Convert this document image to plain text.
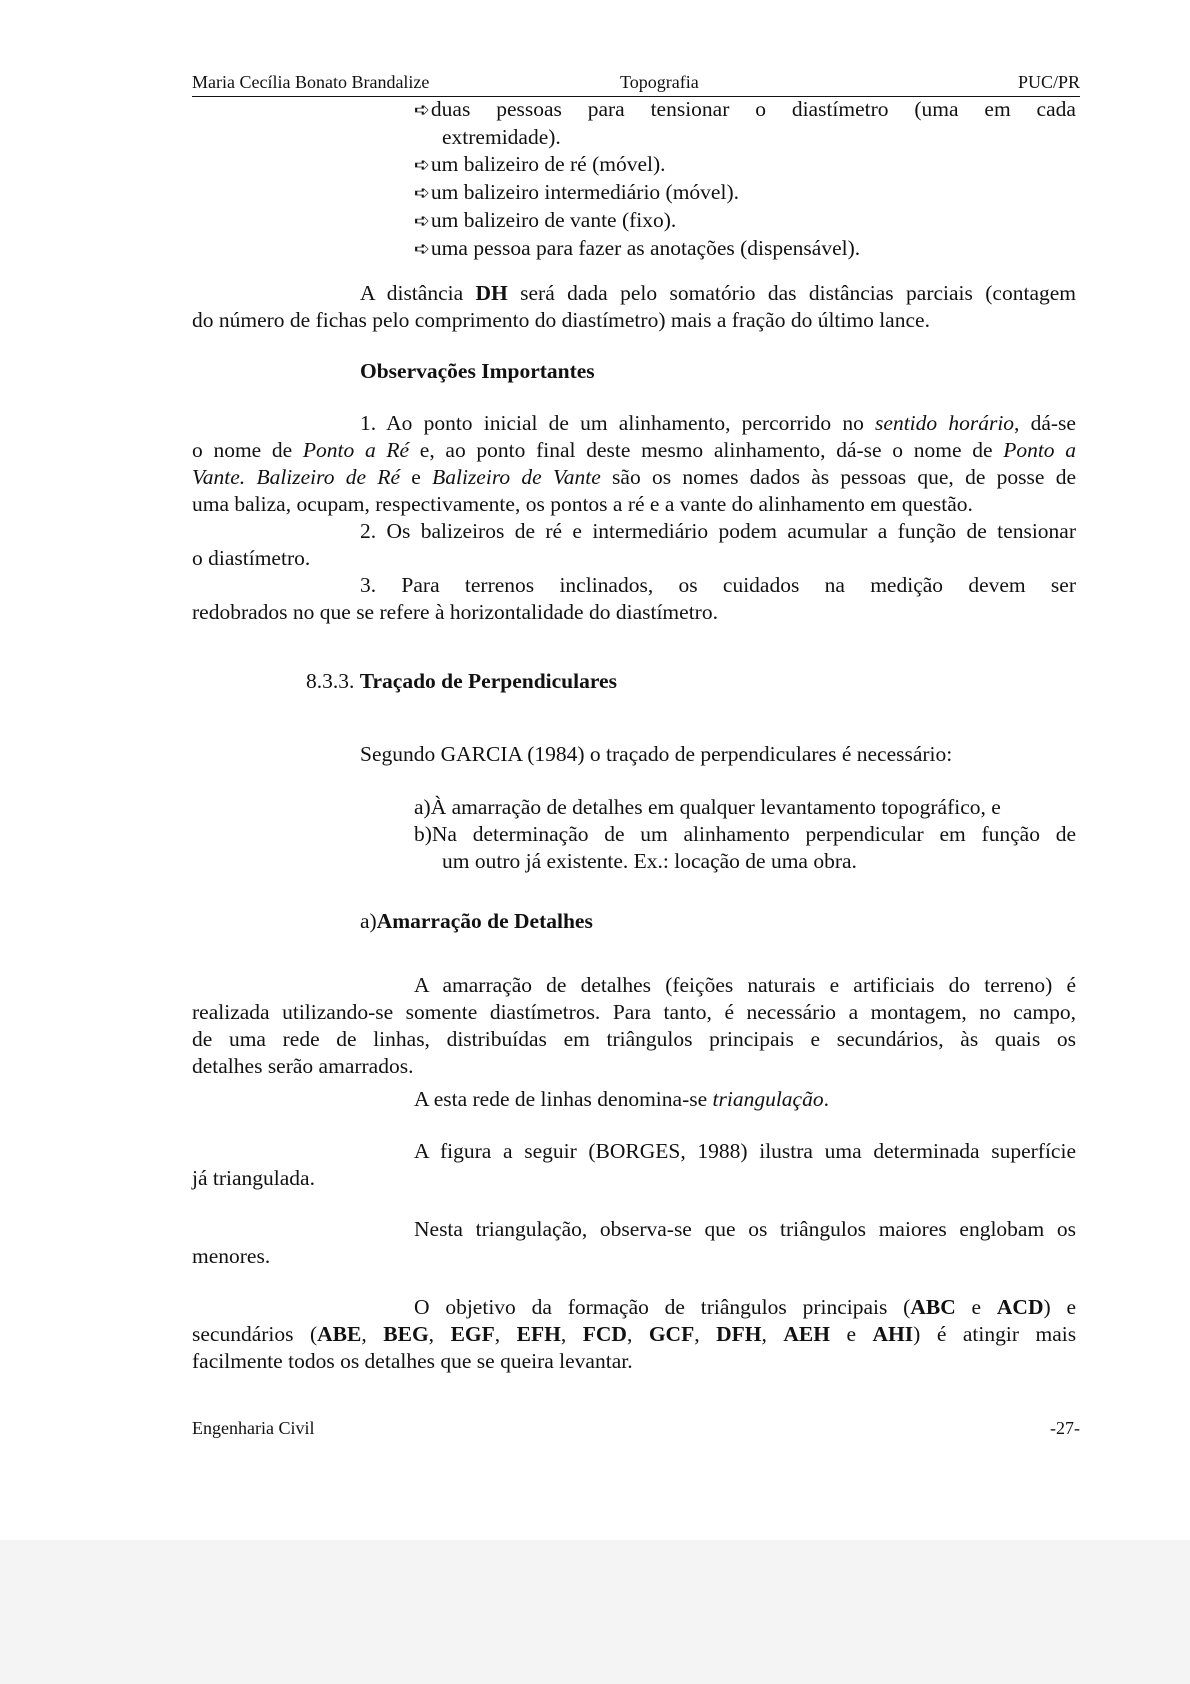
Maria Cecília Bonato Brandalize	Topografia	PUC/PR
➪duas pessoas para tensionar o diastímetro (uma em cada
extremidade).
➪um balizeiro de ré (móvel).
➪um balizeiro intermediário (móvel).
➪um balizeiro de vante (fixo).
➪uma pessoa para fazer as anotações (dispensável).
A distância DH será dada pelo somatório das distâncias parciais (contagem
do número de fichas pelo comprimento do diastímetro) mais a fração do último lance.
Observações Importantes
1. Ao ponto inicial de um alinhamento, percorrido no sentido horário, dá-se
o nome de Ponto a Ré e, ao ponto final deste mesmo alinhamento, dá-se o nome de Ponto a
Vante. Balizeiro de Ré e Balizeiro de Vante são os nomes dados às pessoas que, de posse de
uma baliza, ocupam, respectivamente, os pontos a ré e a vante do alinhamento em questão.
2. Os balizeiros de ré e intermediário podem acumular a função de tensionar
o diastímetro.
3. Para terrenos inclinados, os cuidados na medição devem ser
redobrados no que se refere à horizontalidade do diastímetro.
8.3.3. Traçado de Perpendiculares
Segundo GARCIA (1984) o traçado de perpendiculares é necessário:
a)À amarração de detalhes em qualquer levantamento topográfico, e
b)Na determinação de um alinhamento perpendicular em função de
um outro já existente. Ex.: locação de uma obra.
a)Amarração de Detalhes
A amarração de detalhes (feições naturais e artificiais do terreno) é
realizada utilizando-se somente diastímetros. Para tanto, é necessário a montagem, no campo,
de uma rede de linhas, distribuídas em triângulos principais e secundários, às quais os
detalhes serão amarrados.
A esta rede de linhas denomina-se triangulação.
A figura a seguir (BORGES, 1988) ilustra uma determinada superfície
já triangulada.
Nesta triangulação, observa-se que os triângulos maiores englobam os
menores.
O objetivo da formação de triângulos principais (ABC e ACD) e
secundários (ABE, BEG, EGF, EFH, FCD, GCF, DFH, AEH e AHI) é atingir mais
facilmente todos os detalhes que se queira levantar.
Engenharia Civil	-27-
